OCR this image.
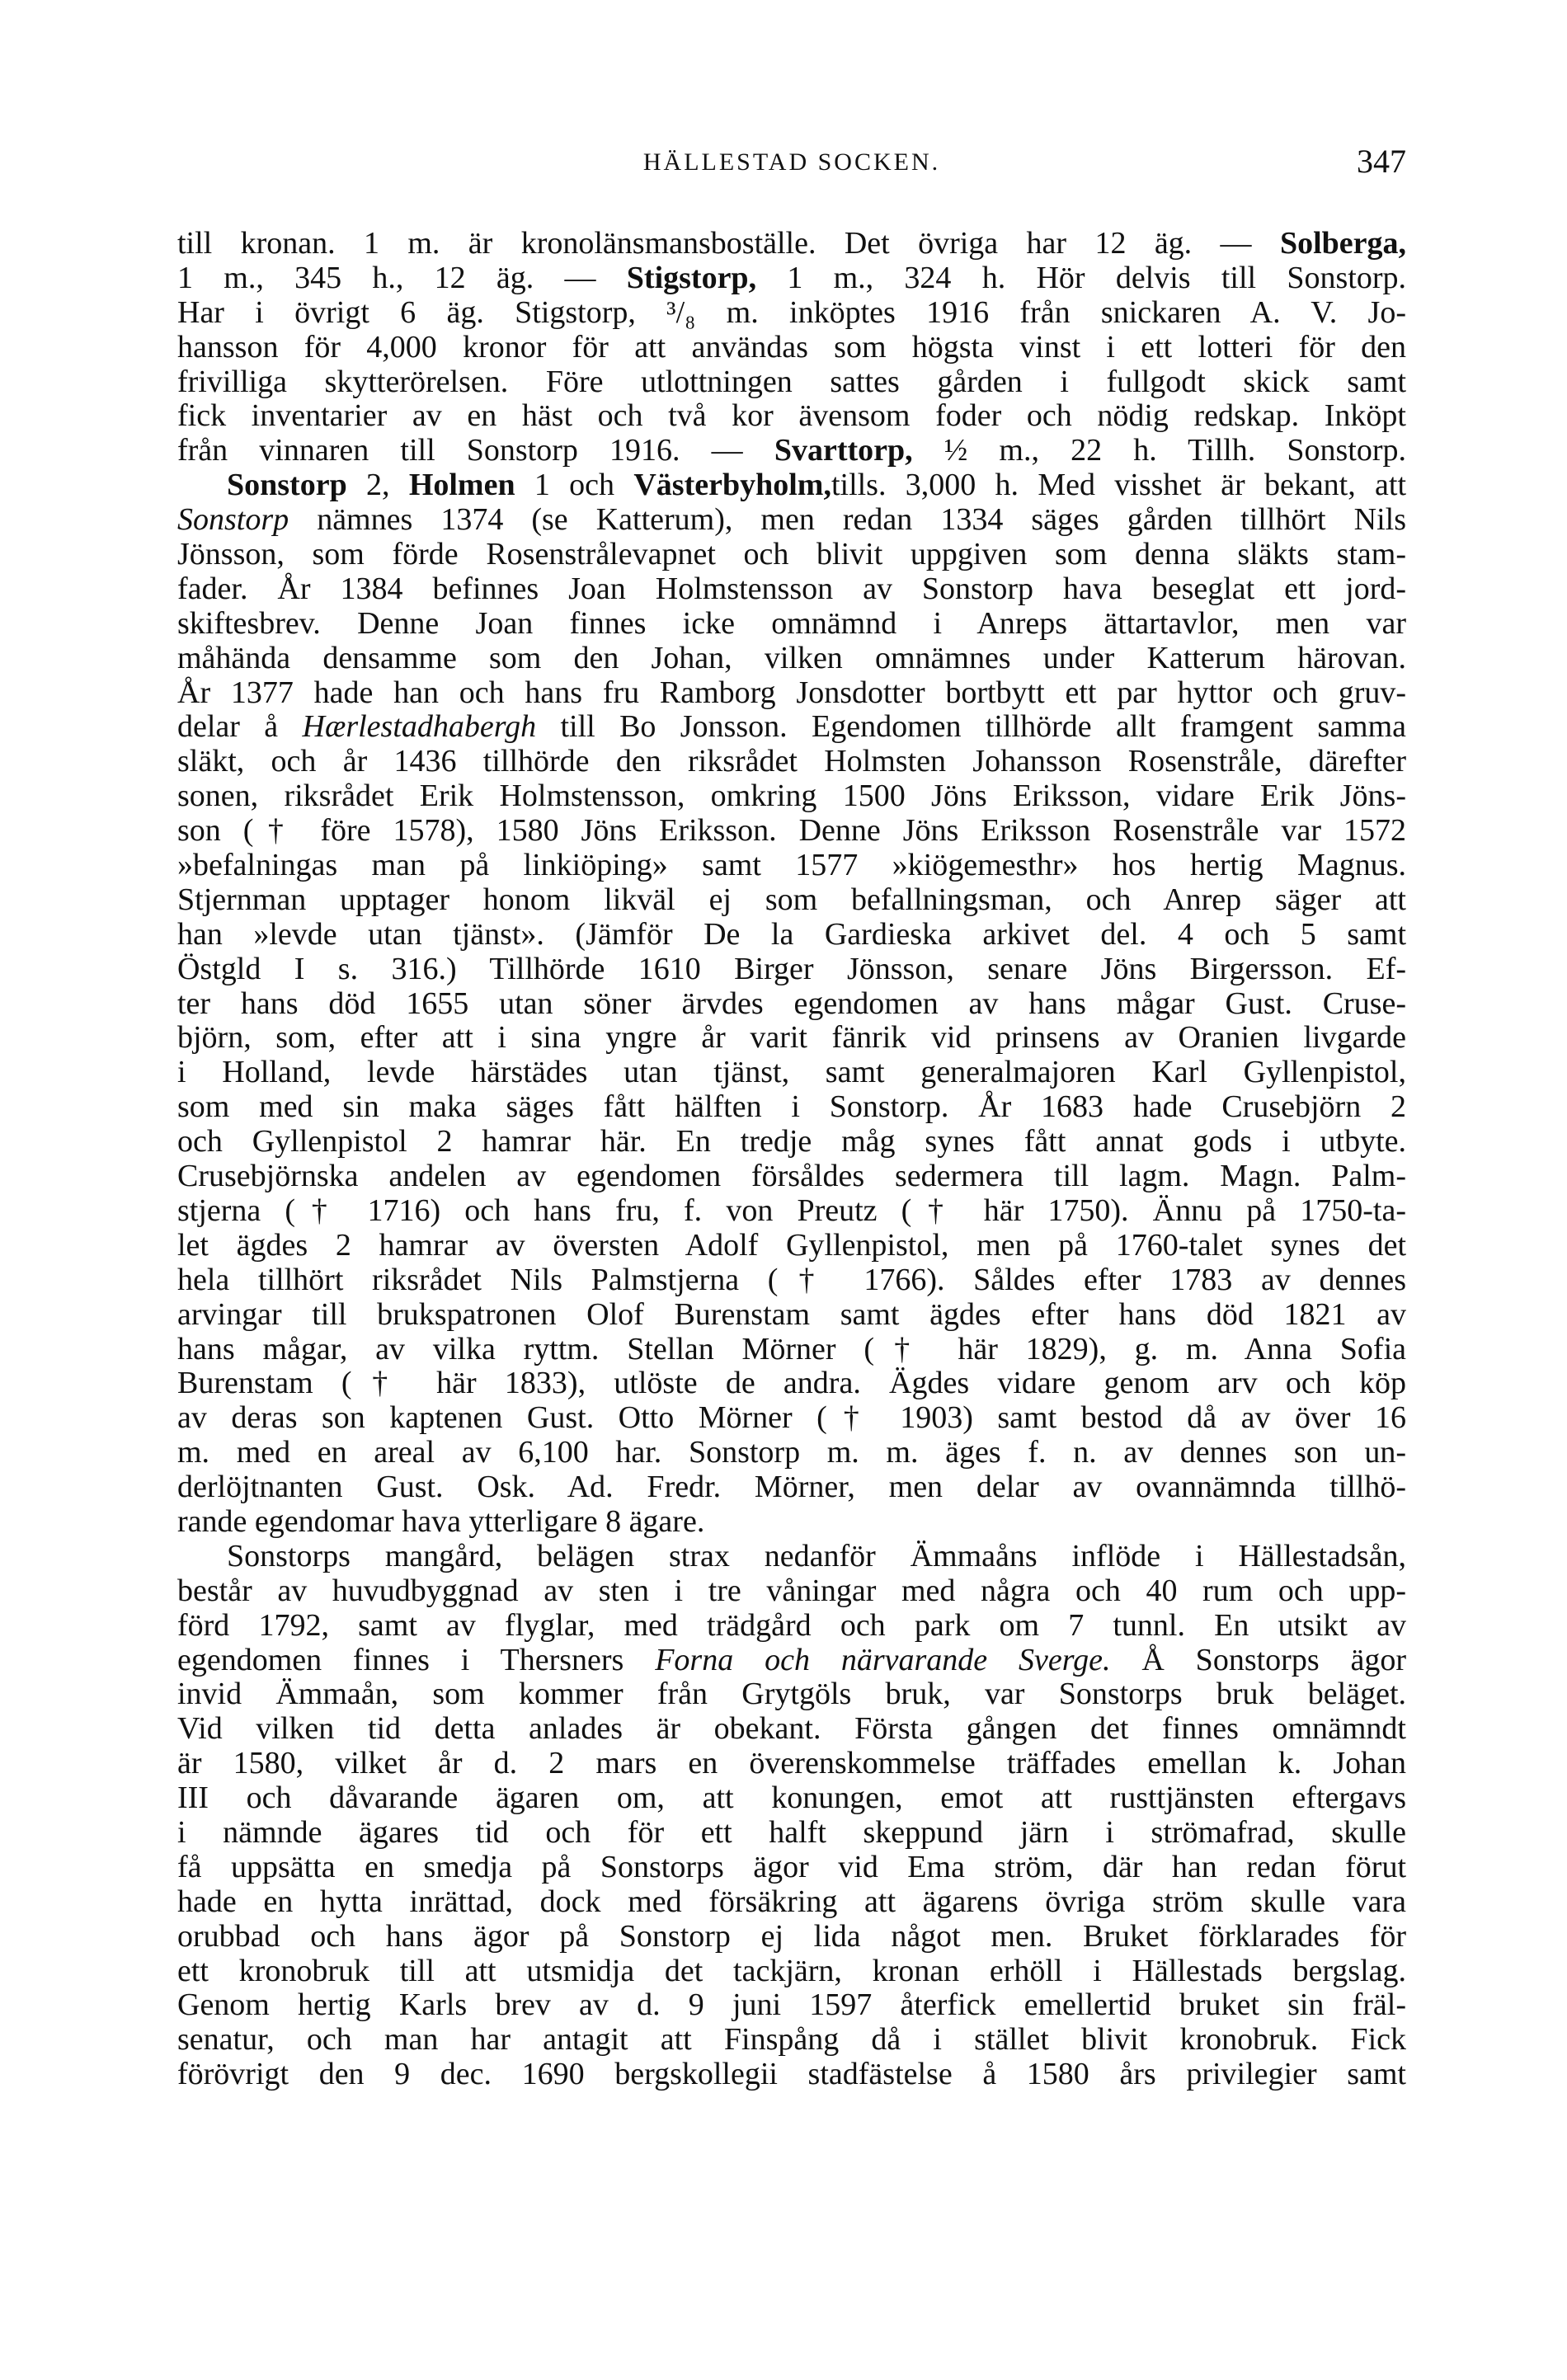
HÄLLESTAD SOCKEN.	347
till kronan. 1 m. är kronolänsmansboställe. Det övriga har 12 äg. — Solberga,
1 m., 345 h., 12 äg. — Stigstorp, 1 m., 324 h. Hör delvis till Sonstorp.
Har i övrigt 6 äg. Stigstorp, ³/₈ m. inköptes 1916 från snickaren A. V. Jo-
hansson för 4,000 kronor för att användas som högsta vinst i ett lotteri för den
frivilliga skytterörelsen. Före utlottningen sattes gården i fullgodt skick samt
fick inventarier av en häst och två kor ävensom foder och nödig redskap. Inköpt
från vinnaren till Sonstorp 1916. — Svarttorp, ½ m., 22 h. Tillh. Sonstorp.
Sonstorp 2, Holmen 1 och Västerbyholm,tills. 3,000 h. Med visshet är bekant, att
Sonstorp nämnes 1374 (se Katterum), men redan 1334 säges gården tillhört Nils
Jönsson, som förde Rosenstrålevapnet och blivit uppgiven som denna släkts stam-
fader. År 1384 befinnes Joan Holmstensson av Sonstorp hava beseglat ett jord-
skiftesbrev. Denne Joan finnes icke omnämnd i Anreps ättartavlor, men var
måhända densamme som den Johan, vilken omnämnes under Katterum härovan.
År 1377 hade han och hans fru Ramborg Jonsdotter bortbytt ett par hyttor och gruv-
delar å Hærlestadhabergh till Bo Jonsson. Egendomen tillhörde allt framgent samma
släkt, och år 1436 tillhörde den riksrådet Holmsten Johansson Rosenstråle, därefter
sonen, riksrådet Erik Holmstensson, omkring 1500 Jöns Eriksson, vidare Erik Jöns-
son († före 1578), 1580 Jöns Eriksson. Denne Jöns Eriksson Rosenstråle var 1572
»befalningas man på linkiöping» samt 1577 »kiögemesthr» hos hertig Magnus.
Stjernman upptager honom likväl ej som befallningsman, och Anrep säger att
han »levde utan tjänst». (Jämför De la Gardieska arkivet del. 4 och 5 samt
Östgld I s. 316.) Tillhörde 1610 Birger Jönsson, senare Jöns Birgersson. Ef-
ter hans död 1655 utan söner ärvdes egendomen av hans mågar Gust. Cruse-
björn, som, efter att i sina yngre år varit fänrik vid prinsens av Oranien livgarde
i Holland, levde härstädes utan tjänst, samt generalmajoren Karl Gyllenpistol,
som med sin maka säges fått hälften i Sonstorp. År 1683 hade Crusebjörn 2
och Gyllenpistol 2 hamrar här. En tredje måg synes fått annat gods i utbyte.
Crusebjörnska andelen av egendomen försåldes sedermera till lagm. Magn. Palm-
stjerna († 1716) och hans fru, f. von Preutz († här 1750). Ännu på 1750-ta-
let ägdes 2 hamrar av översten Adolf Gyllenpistol, men på 1760-talet synes det
hela tillhört riksrådet Nils Palmstjerna († 1766). Såldes efter 1783 av dennes
arvingar till brukspatronen Olof Burenstam samt ägdes efter hans död 1821 av
hans mågar, av vilka ryttm. Stellan Mörner († här 1829), g. m. Anna Sofia
Burenstam († här 1833), utlöste de andra. Ägdes vidare genom arv och köp
av deras son kaptenen Gust. Otto Mörner († 1903) samt bestod då av över 16
m. med en areal av 6,100 har. Sonstorp m. m. äges f. n. av dennes son un-
derlöjtnanten Gust. Osk. Ad. Fredr. Mörner, men delar av ovannämnda tillhö-
rande egendomar hava ytterligare 8 ägare.
Sonstorps mangård, belägen strax nedanför Ämmaåns inflöde i Hällestadsån,
består av huvudbyggnad av sten i tre våningar med några och 40 rum och upp-
förd 1792, samt av flyglar, med trädgård och park om 7 tunnl. En utsikt av
egendomen finnes i Thersners Forna och närvarande Sverge. Å Sonstorps ägor
invid Ämmaån, som kommer från Grytgöls bruk, var Sonstorps bruk beläget.
Vid vilken tid detta anlades är obekant. Första gången det finnes omnämndt
är 1580, vilket år d. 2 mars en överenskommelse träffades emellan k. Johan
III och dåvarande ägaren om, att konungen, emot att rusttjänsten eftergavs
i nämnde ägares tid och för ett halft skeppund järn i strömafrad, skulle
få uppsätta en smedja på Sonstorps ägor vid Ema ström, där han redan förut
hade en hytta inrättad, dock med försäkring att ägarens övriga ström skulle vara
orubbad och hans ägor på Sonstorp ej lida något men. Bruket förklarades för
ett kronobruk till att utsmidja det tackjärn, kronan erhöll i Hällestads bergslag.
Genom hertig Karls brev av d. 9 juni 1597 återfick emellertid bruket sin fräl-
senatur, och man har antagit att Finspång då i stället blivit kronobruk. Fick
förövrigt den 9 dec. 1690 bergskollegii stadfästelse å 1580 års privilegier samt
